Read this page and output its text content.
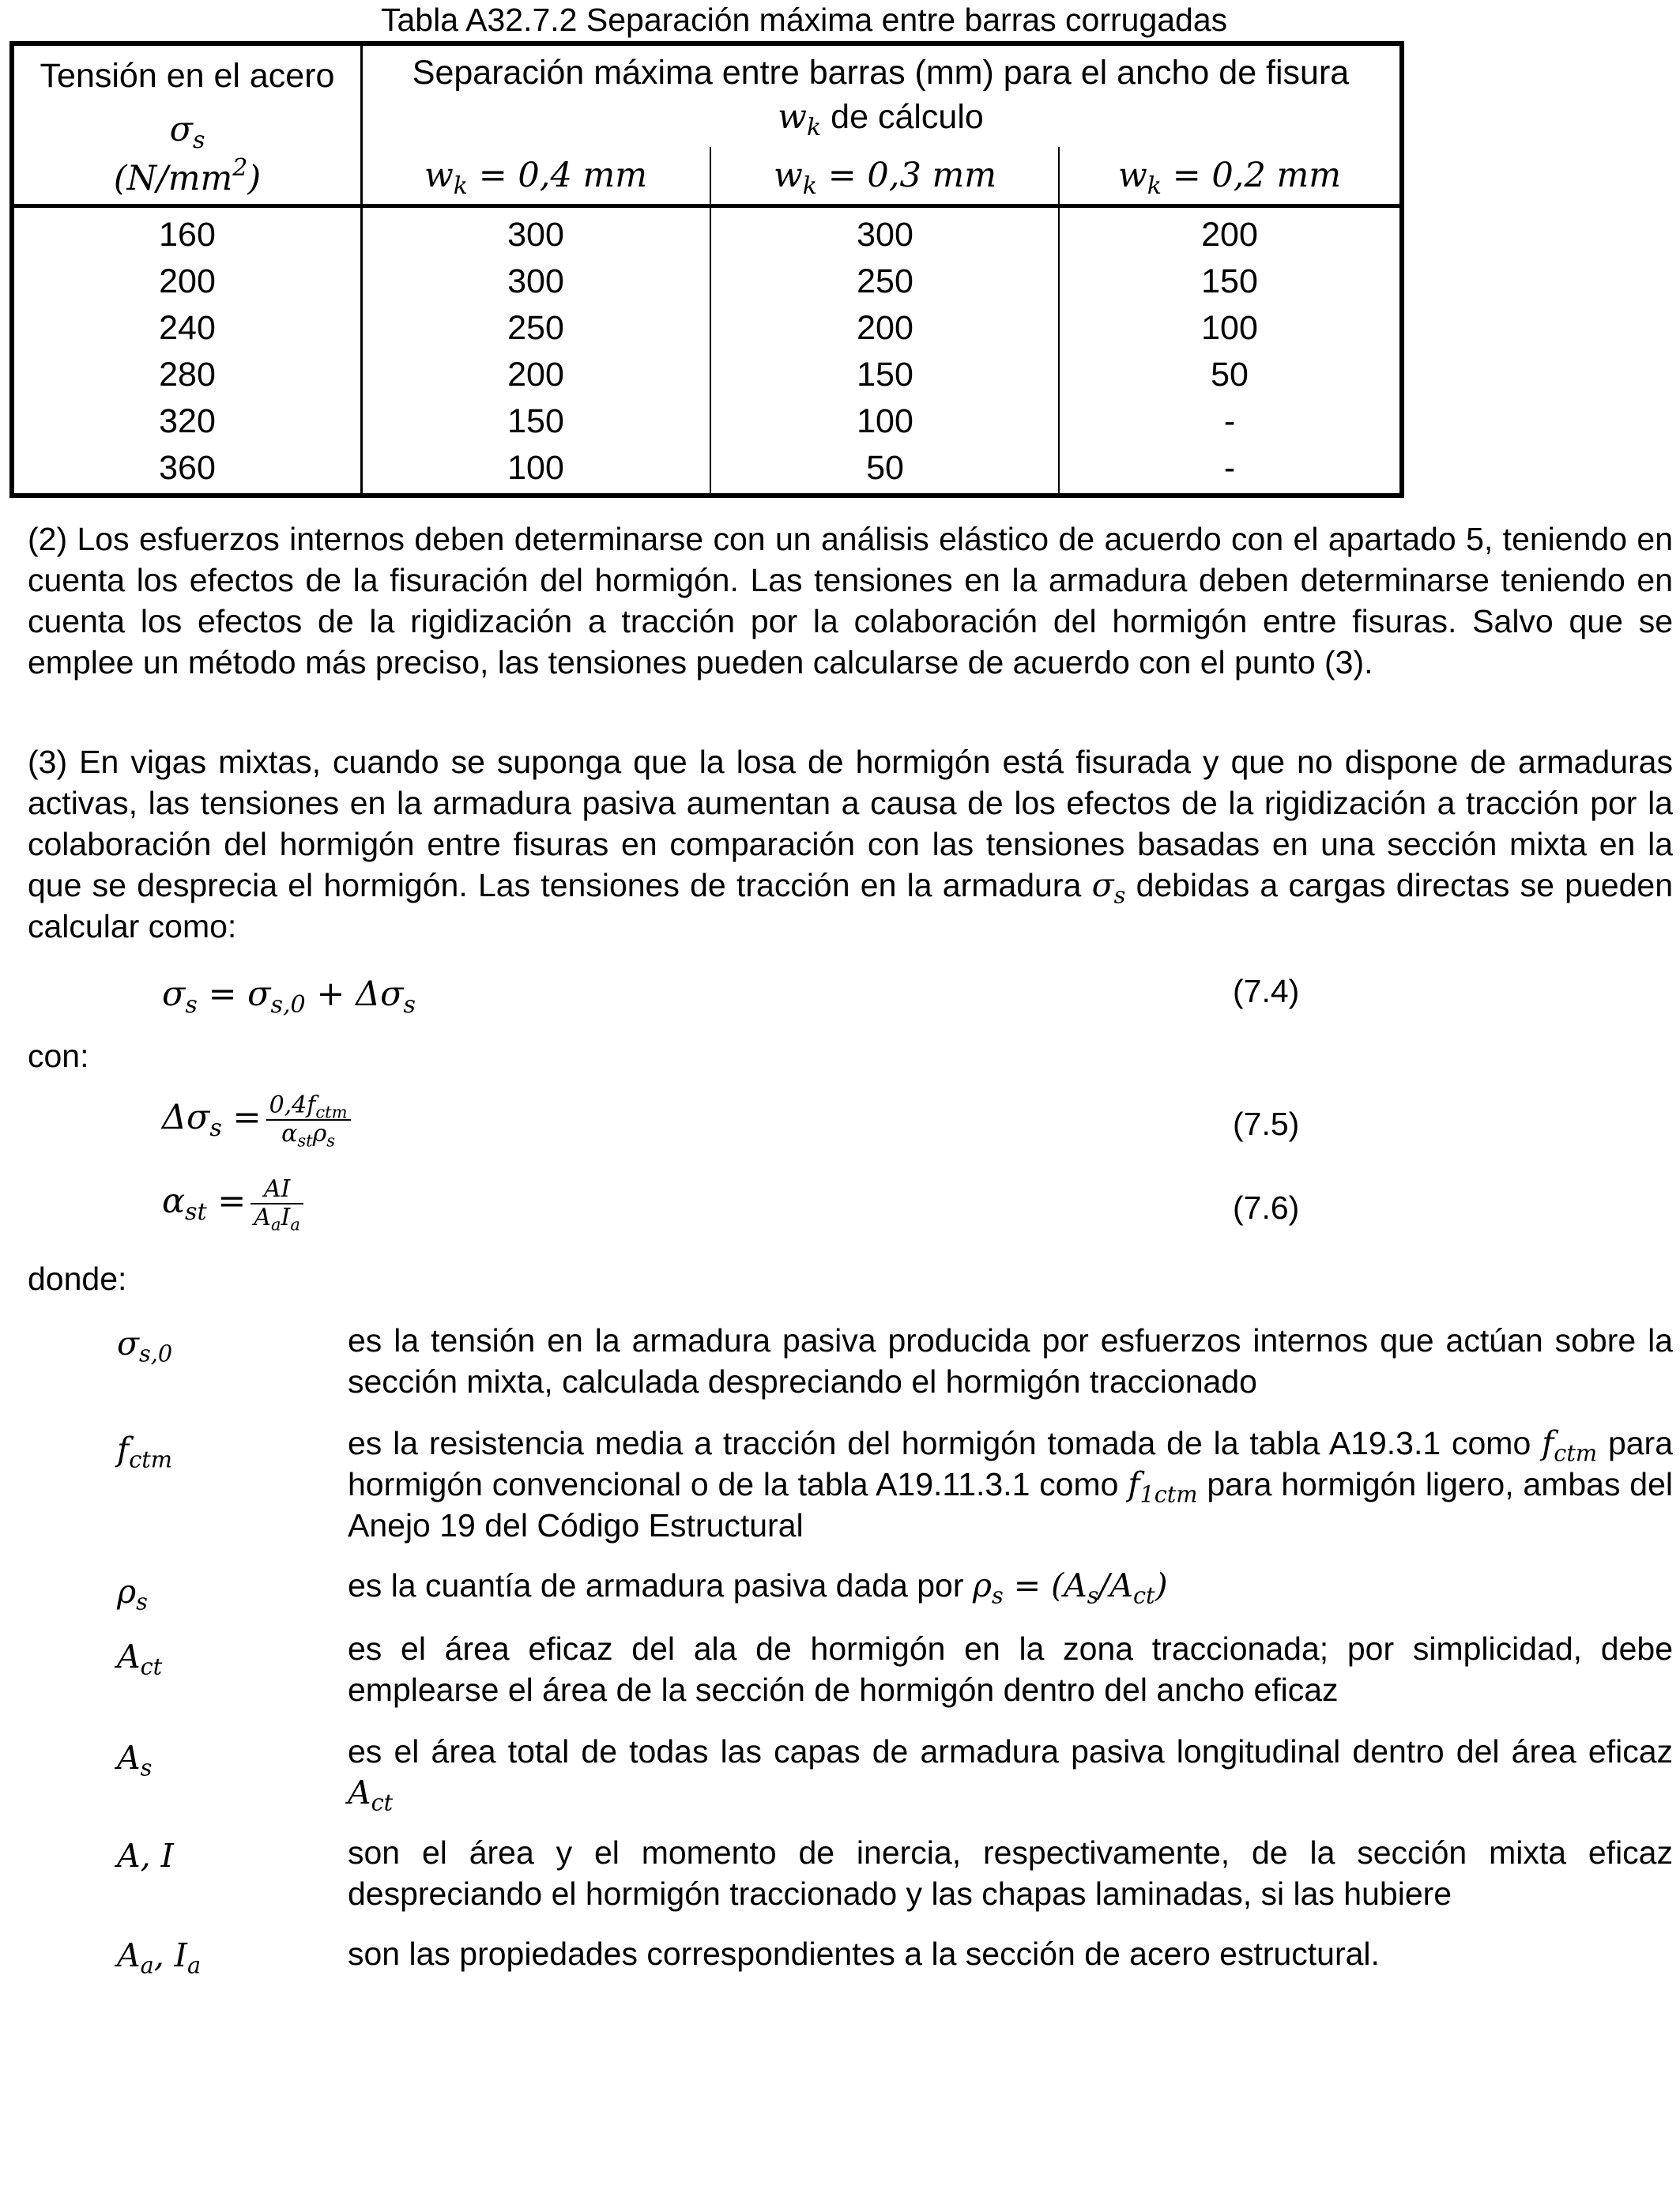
Tabla A32.7.2 Separación máxima entre barras corrugadas
Tensión en el acero
$\sigma_s$
$(N/mm^2)$
Separación máxima entre barras (mm) para el ancho de fisura
$w_k$ de cálculo
$w_k = 0,4$ mm	$w_k = 0,3$ mm	$w_k = 0,2$ mm
160	300	300	200
200	300	250	150
240	250	200	100
280	200	150	50
320	150	100	-
360	100	50	-
(2) Los esfuerzos internos deben determinarse con un análisis elástico de acuerdo con el apartado 5, teniendo en cuenta los efectos de la fisuración del hormigón. Las tensiones en la armadura deben determinarse teniendo en cuenta los efectos de la rigidización a tracción por la colaboración del hormigón entre fisuras. Salvo que se emplee un método más preciso, las tensiones pueden calcularse de acuerdo con el punto (3).
(3) En vigas mixtas, cuando se suponga que la losa de hormigón está fisurada y que no dispone de armaduras activas, las tensiones en la armadura pasiva aumentan a causa de los efectos de la rigidización a tracción por la colaboración del hormigón entre fisuras en comparación con las tensiones basadas en una sección mixta en la que se desprecia el hormigón. Las tensiones de tracción en la armadura $\sigma_s$ debidas a cargas directas se pueden calcular como:
$\sigma_s = \sigma_{s,0} + \Delta\sigma_s$	(7.4)
con:
$\Delta\sigma_s = \frac{0,4f_{ctm}}{\alpha_{st}\rho_s}$	(7.5)
$\alpha_{st} = \frac{AI}{A_aI_a}$	(7.6)
donde:
$\sigma_{s,0}$	es la tensión en la armadura pasiva producida por esfuerzos internos que actúan sobre la sección mixta, calculada despreciando el hormigón traccionado
$f_{ctm}$	es la resistencia media a tracción del hormigón tomada de la tabla A19.3.1 como $f_{ctm}$ para hormigón convencional o de la tabla A19.11.3.1 como $f_{1ctm}$ para hormigón ligero, ambas del Anejo 19 del Código Estructural
$\rho_s$	es la cuantía de armadura pasiva dada por $\rho_s = (A_s/A_{ct})$
$A_{ct}$	es el área eficaz del ala de hormigón en la zona traccionada; por simplicidad, debe emplearse el área de la sección de hormigón dentro del ancho eficaz
$A_s$	es el área total de todas las capas de armadura pasiva longitudinal dentro del área eficaz $A_{ct}$
A, I	son el área y el momento de inercia, respectivamente, de la sección mixta eficaz despreciando el hormigón traccionado y las chapas laminadas, si las hubiere
$A_a$, $I_a$	son las propiedades correspondientes a la sección de acero estructural.
